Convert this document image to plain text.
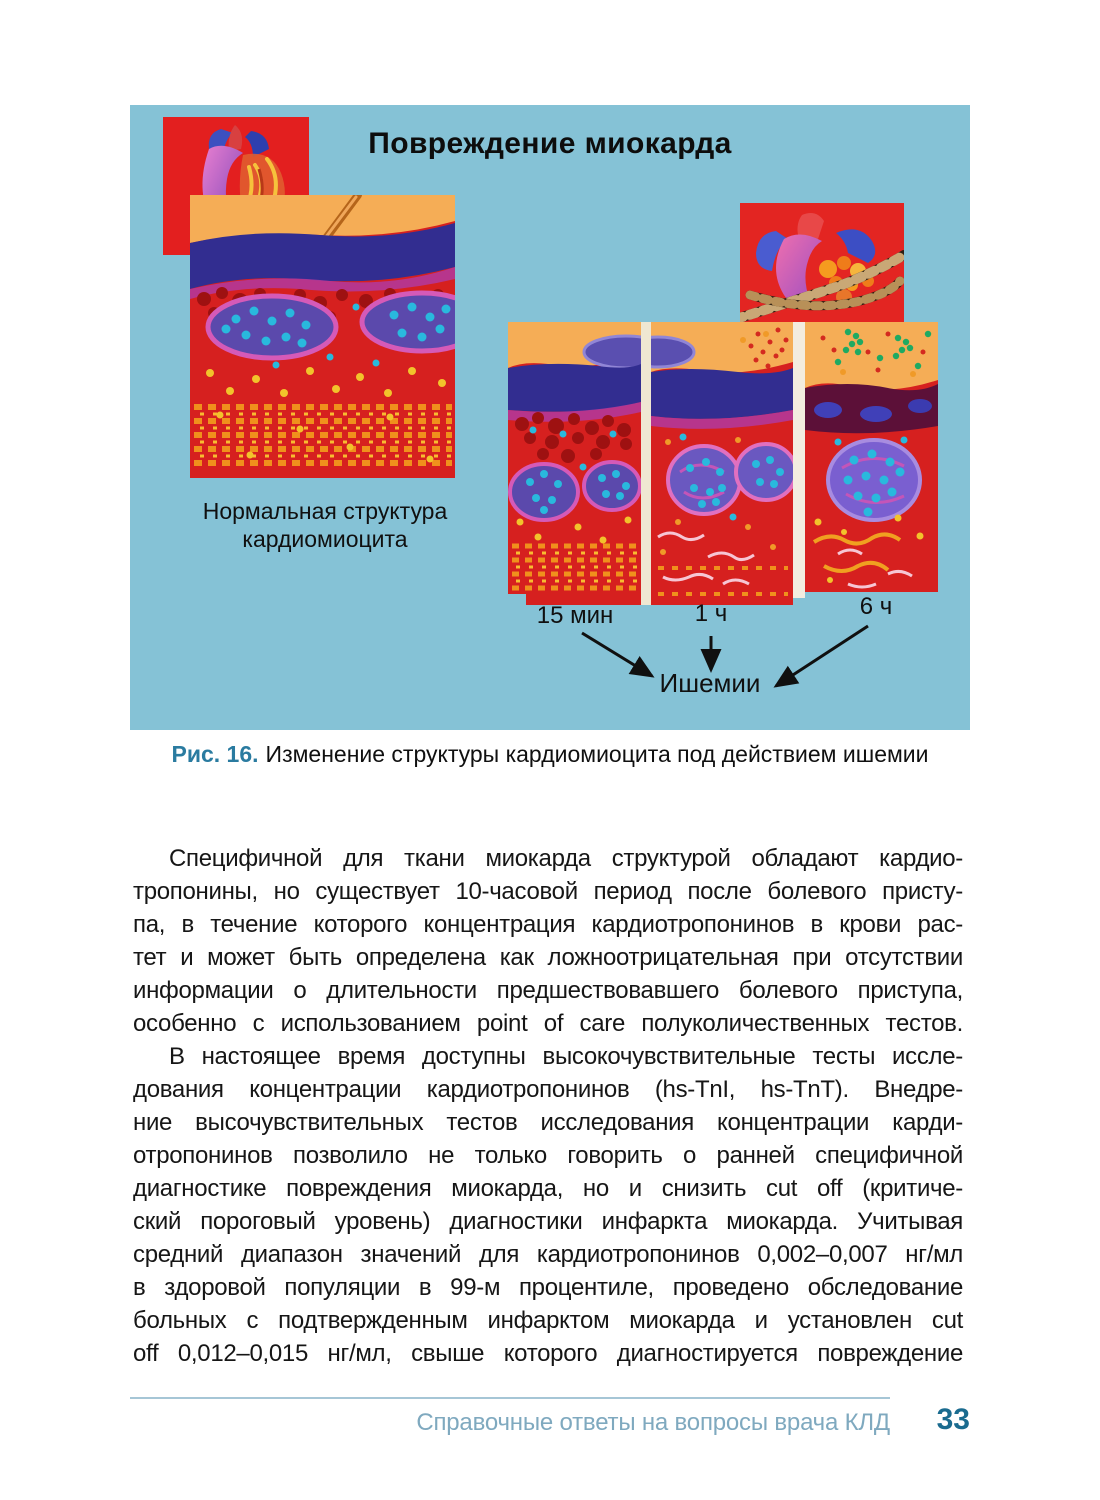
Повреждение миокарда
Нормальная структура
кардиомиоцита
15 мин	1 ч	6 ч
Ишемии
Рис. 16. Изменение структуры кардиомиоцита под действием ишемии
Специфичной для ткани миокарда структурой обладают кардио-
тропонины, но существует 10-часовой период после болевого присту-
па, в течение которого концентрация кардиотропонинов в крови рас-
тет и может быть определена как ложноотрицательная при отсутствии
информации о длительности предшествовавшего болевого приступа,
особенно с использованием point of care полуколичественных тестов.
В настоящее время доступны высокочувствительные тесты иссле-
дования концентрации кардиотропонинов (hs-TnI, hs-TnT). Внедре-
ние высочувствительных тестов исследования концентрации карди-
отропонинов позволило не только говорить о ранней специфичной
диагностике повреждения миокарда, но и снизить cut off (критиче-
ский пороговый уровень) диагностики инфаркта миокарда. Учитывая
средний диапазон значений для кардиотропонинов 0,002–0,007 нг/мл
в здоровой популяции в 99-м процентиле, проведено обследование
больных с подтвержденным инфарктом миокарда и установлен cut
off 0,012–0,015 нг/мл, свыше которого диагностируется повреждение
Справочные ответы на вопросы врача КЛД 33
